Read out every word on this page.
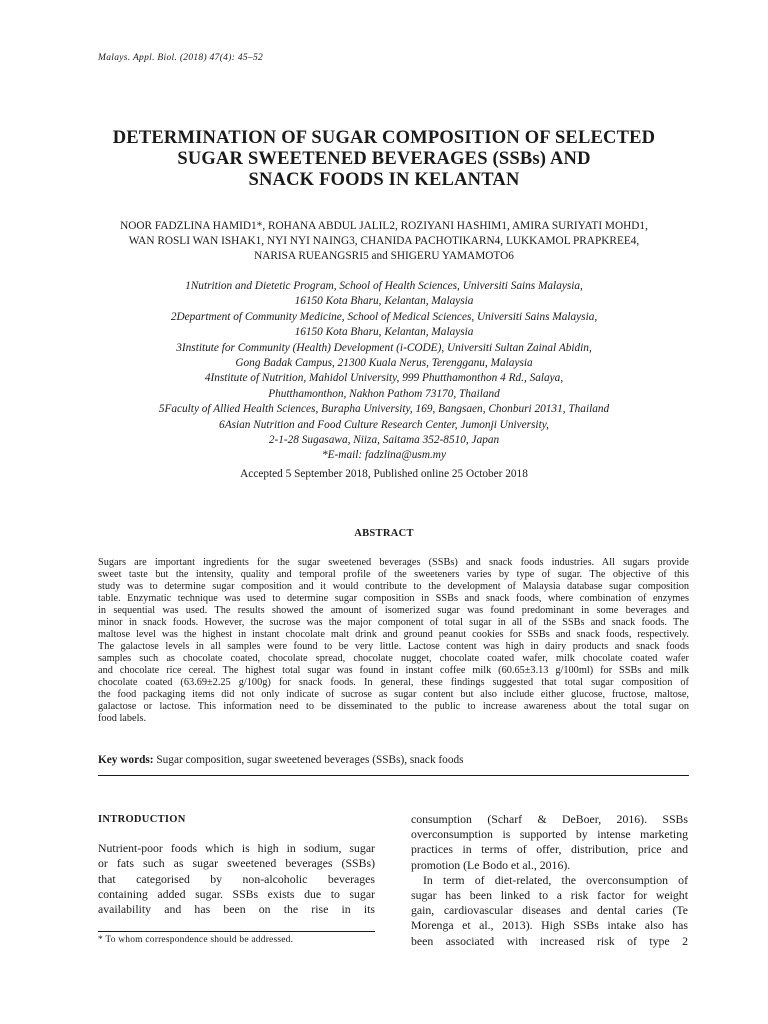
Malays. Appl. Biol. (2018) 47(4): 45–52
DETERMINATION OF SUGAR COMPOSITION OF SELECTED
SUGAR SWEETENED BEVERAGES (SSBs) AND
SNACK FOODS IN KELANTAN
NOOR FADZLINA HAMID1*, ROHANA ABDUL JALIL2, ROZIYANI HASHIM1, AMIRA SURIYATI MOHD1,
WAN ROSLI WAN ISHAK1, NYI NYI NAING3, CHANIDA PACHOTIKARN4, LUKKAMOL PRAPKREE4,
NARISA RUEANGSRI5 and SHIGERU YAMAMOTO6
1Nutrition and Dietetic Program, School of Health Sciences, Universiti Sains Malaysia,
16150 Kota Bharu, Kelantan, Malaysia
2Department of Community Medicine, School of Medical Sciences, Universiti Sains Malaysia,
16150 Kota Bharu, Kelantan, Malaysia
3Institute for Community (Health) Development (i-CODE), Universiti Sultan Zainal Abidin,
Gong Badak Campus, 21300 Kuala Nerus, Terengganu, Malaysia
4Institute of Nutrition, Mahidol University, 999 Phutthamonthon 4 Rd., Salaya,
Phutthamonthon, Nakhon Pathom 73170, Thailand
5Faculty of Allied Health Sciences, Burapha University, 169, Bangsaen, Chonburi 20131, Thailand
6Asian Nutrition and Food Culture Research Center, Jumonji University,
2-1-28 Sugasawa, Niiza, Saitama 352-8510, Japan
*E-mail: fadzlina@usm.my
Accepted 5 September 2018, Published online 25 October 2018
ABSTRACT
Sugars are important ingredients for the sugar sweetened beverages (SSBs) and snack foods industries. All sugars provide
sweet taste but the intensity, quality and temporal profile of the sweeteners varies by type of sugar. The objective of this
study was to determine sugar composition and it would contribute to the development of Malaysia database sugar composition
table. Enzymatic technique was used to determine sugar composition in SSBs and snack foods, where combination of enzymes
in sequential was used. The results showed the amount of isomerized sugar was found predominant in some beverages and
minor in snack foods. However, the sucrose was the major component of total sugar in all of the SSBs and snack foods. The
maltose level was the highest in instant chocolate malt drink and ground peanut cookies for SSBs and snack foods, respectively.
The galactose levels in all samples were found to be very little. Lactose content was high in dairy products and snack foods
samples such as chocolate coated, chocolate spread, chocolate nugget, chocolate coated wafer, milk chocolate coated wafer
and chocolate rice cereal. The highest total sugar was found in instant coffee milk (60.65±3.13 g/100ml) for SSBs and milk
chocolate coated (63.69±2.25 g/100g) for snack foods. In general, these findings suggested that total sugar composition of
the food packaging items did not only indicate of sucrose as sugar content but also include either glucose, fructose, maltose,
galactose or lactose. This information need to be disseminated to the public to increase awareness about the total sugar on
food labels.
Key words: Sugar composition, sugar sweetened beverages (SSBs), snack foods
INTRODUCTION
Nutrient-poor foods which is high in sodium, sugar
or fats such as sugar sweetened beverages (SSBs)
that categorised by non-alcoholic beverages
containing added sugar. SSBs exists due to sugar
availability and has been on the rise in its
consumption (Scharf & DeBoer, 2016). SSBs
overconsumption is supported by intense marketing
practices in terms of offer, distribution, price and
promotion (Le Bodo et al., 2016).
In term of diet-related, the overconsumption of
sugar has been linked to a risk factor for weight
gain, cardiovascular diseases and dental caries (Te
Morenga et al., 2013). High SSBs intake also has
been associated with increased risk of type 2
* To whom correspondence should be addressed.
